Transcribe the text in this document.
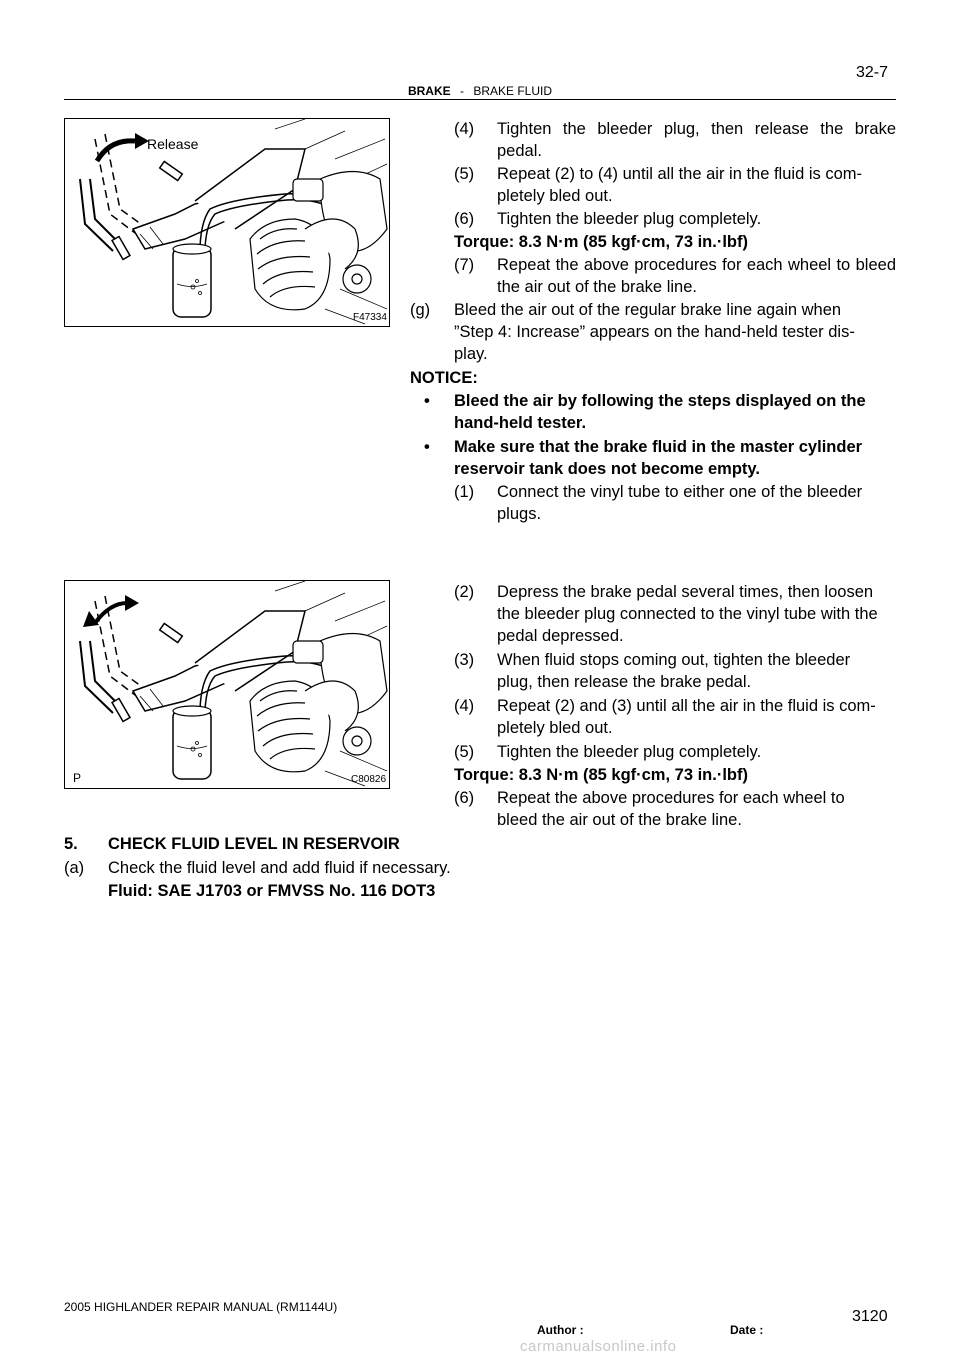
32-7
BRAKE - BRAKE FLUID
Release
F47334
P	C80826
(4) Tighten the bleeder plug, then release the brake pedal.
(5) Repeat (2) to (4) until all the air in the fluid is com-
pletely bled out.
(6) Tighten the bleeder plug completely.
Torque: 8.3 N·m (85 kgf·cm, 73 in.·lbf)
(7) Repeat the above procedures for each wheel to bleed the air out of the brake line.
(g) Bleed the air out of the regular brake line again when
”Step 4: Increase” appears on the hand-held tester dis-
play.
NOTICE:
• Bleed the air by following the steps displayed on the
hand-held tester.
• Make sure that the brake fluid in the master cylinder
reservoir tank does not become empty.
(1) Connect the vinyl tube to either one of the bleeder
plugs.
(2) Depress the brake pedal several times, then loosen
the bleeder plug connected to the vinyl tube with the
pedal depressed.
(3) When fluid stops coming out, tighten the bleeder
plug, then release the brake pedal.
(4) Repeat (2) and (3) until all the air in the fluid is com-
pletely bled out.
(5) Tighten the bleeder plug completely.
Torque: 8.3 N·m (85 kgf·cm, 73 in.·lbf)
(6) Repeat the above procedures for each wheel to
bleed the air out of the brake line.
5. CHECK FLUID LEVEL IN RESERVOIR
(a) Check the fluid level and add fluid if necessary.
Fluid: SAE J1703 or FMVSS No. 116 DOT3
2005 HIGHLANDER REPAIR MANUAL (RM1144U)
3120
Author :	Date :
carmanualsonline.info
